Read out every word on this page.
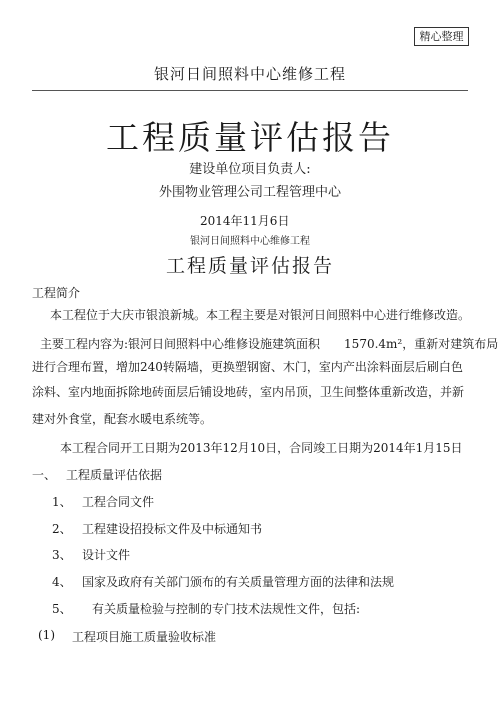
精心整理
银河日间照料中心维修工程
工程质量评估报告
建设单位项目负责人:
外围物业管理公司工程管理中心
2014年11月6日
银河日间照料中心维修工程
工程质量评估报告
工程简介
本工程位于大庆市银浪新城。本工程主要是对银河日间照料中心进行维修改造。
主要工程内容为:银河日间照料中心维修设施建筑面积　　1570.4m²，重新对建筑布局
进行合理布置，增加240转隔墙，更换塑钢窗、木门，室内产出涂料面层后刷白色
涂料、室内地面拆除地砖面层后铺设地砖，室内吊顶，卫生间整体重新改造，并新
建对外食堂，配套水暖电系统等。
本工程合同开工日期为2013年12月10日，合同竣工日期为2014年1月15日
一、 工程质量评估依据
1、 工程合同文件
2、 工程建设招投标文件及中标通知书
3、 设计文件
4、 国家及政府有关部门颁布的有关质量管理方面的法律和法规
5、 有关质量检验与控制的专门技术法规性文件，包括:
(1) 工程项目施工质量验收标准
